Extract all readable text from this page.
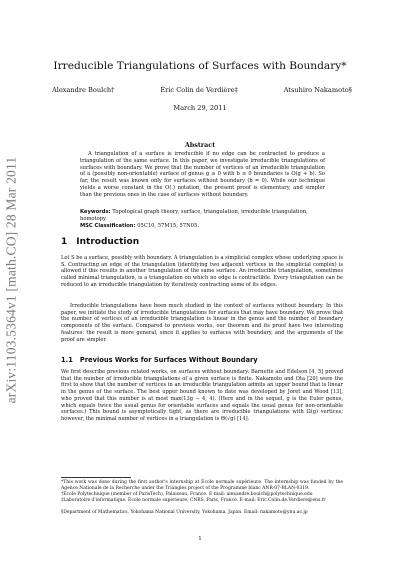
arXiv:1103.5364v1 [math.CO] 28 Mar 2011
Irreducible Triangulations of Surfaces with Boundary*
Alexandre Boulch†	Éric Colin de Verdière‡	Atsuhiro Nakamoto§
March 29, 2011
Abstract

A triangulation of a surface is irreducible if no edge can be contracted to produce a triangulation of the same surface. In this paper, we investigate irreducible triangulations of surfaces with boundary. We prove that the number of vertices of an irreducible triangulation of a (possibly non-orientable) surface of genus g ≥ 0 with b ≥ 0 boundaries is O(g + b). So far, the result was known only for surfaces without boundary (b = 0). While our technique yields a worse constant in the O(.) notation, the present proof is elementary, and simpler than the previous ones in the case of surfaces without boundary.

Keywords: Topological graph theory, surface, triangulation, irreducible triangulation, homotopy.
MSC Classification: 05C10, 57M15, 57N05.

1 Introduction

Let S be a surface, possibly with boundary. A triangulation is a simplicial complex whose underlying space is S. Contracting an edge of the triangulation (identifying two adjacent vertices in the simplicial complex) is allowed if this results in another triangulation of the same surface. An irreducible triangulation, sometimes called minimal triangulation, is a triangulation on which no edge is contractible. Every triangulation can be reduced to an irreducible triangulation by iteratively contracting some of its edges.

Irreducible triangulations have been much studied in the context of surfaces without boundary. In this paper, we initiate the study of irreducible triangulations for surfaces that may have boundary. We prove that the number of vertices of an irreducible triangulation is linear in the genus and the number of boundary components of the surface. Compared to previous works, our theorem and its proof have two interesting features: the result is more general, since it applies to surfaces with boundary, and the arguments of the proof are simpler.

1.1 Previous Works for Surfaces Without Boundary

We first describe previous related works, on surfaces without boundary. Barnette and Edelson [4, 5] proved that the number of irreducible triangulations of a given surface is finite. Nakamoto and Ota [20] were the first to show that the number of vertices in an irreducible triangulation admits an upper bound that is linear in the genus of the surface. The best upper bound known to date was developed by Joret and Wood [13], who proved that this number is at most max(13g − 4, 4). (Here and in the sequel, g is the Euler genus, which equals twice the usual genus for orientable surfaces and equals the usual genus for non-orientable surfaces.) This bound is asymptotically tight, as there are irreducible triangulations with Ω(g) vertices; however, the minimal number of vertices in a triangulation is Θ(√g) [14].

*This work was done during the first author's internship at École normale supérieure. The internship was funded by the Agence Nationale de la Recherche under the Triangles project of the Programme blanc ANR-07-BLAN-0319.

†École Polytechnique (member of ParisTech), Palaiseau, France. E-mail: alexandre.boulch@polytechnique.edu

‡Laboratoire d'informatique, École normale supérieure, CNRS, Paris, France. E-mail: Eric.Colin.de.Verdiere@ens.fr

§Department of Mathematics, Yokohama National University, Yokohama, Japan. Email: nakamoto@ynu.ac.jp

1
